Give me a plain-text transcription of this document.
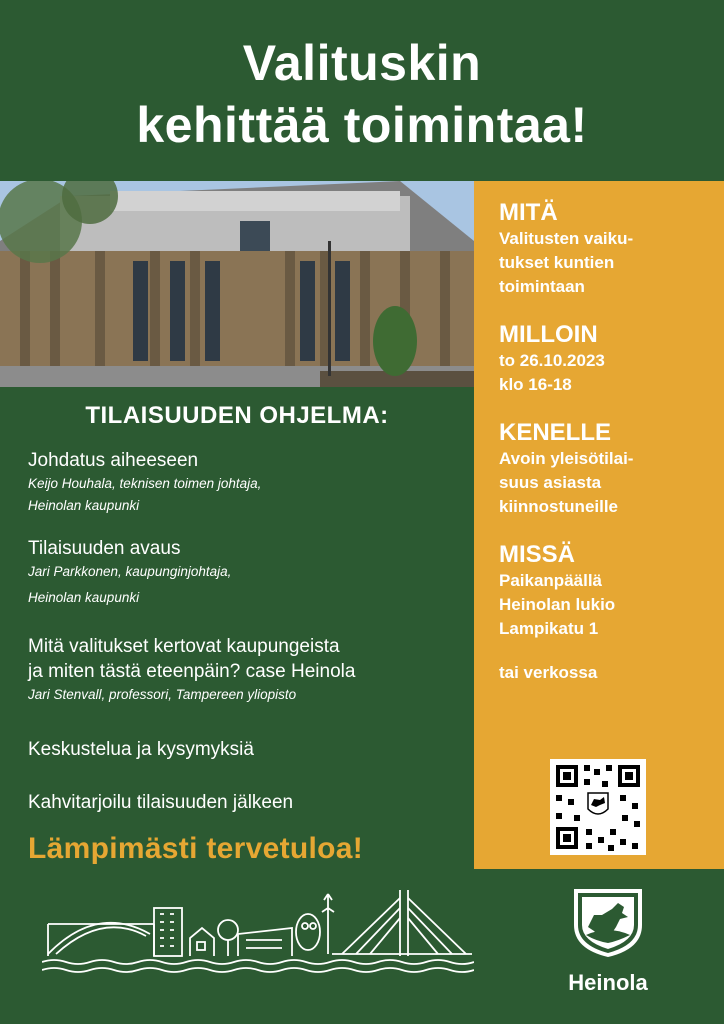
Valituskin
kehittää toimintaa!
MITÄ

Valitusten vaiku-

tukset kuntien

toimintaan

MILLOIN

to 26.10.2023

klo 16-18

KENELLE

Avoin yleisötilai-

suus asiasta

kiinnostuneille

MISSÄ

Paikanpäällä

Heinolan lukio

Lampikatu 1

tai verkossa
TILAISUUDEN OHJELMA:
Johdatus aiheeseen
Keijo Houhala, teknisen toimen johtaja,
Heinolan kaupunki
Tilaisuuden avaus
Jari Parkkonen, kaupunginjohtaja,
Heinolan kaupunki
Mitä valitukset kertovat kaupungeista
ja miten tästä eteenpäin? case Heinola
Jari Stenvall, professori, Tampereen yliopisto
Keskustelua ja kysymyksiä
Kahvitarjoilu tilaisuuden jälkeen
Lämpimästi tervetuloa!
Heinola
